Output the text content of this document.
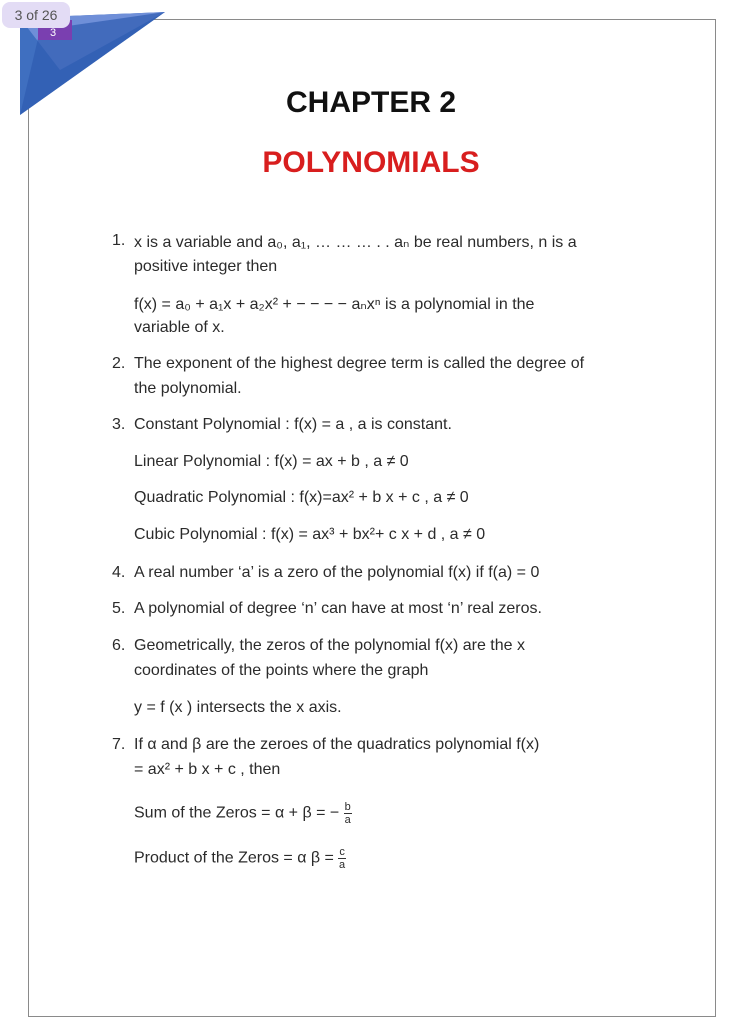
3 of 26
3
CHAPTER 2
POLYNOMIALS
1. x is a variable and a₀, a₁, … … … . . aₙ be real numbers, n is a
positive integer then
f(x) = a₀ + a₁x + a₂x² + − − − − aₙxⁿ is a polynomial in the
variable of x.
2. The exponent of the highest degree term is called the degree of
the polynomial.
3. Constant Polynomial : f(x) = a , a is constant.
Linear Polynomial : f(x) = ax + b , a ≠ 0
Quadratic Polynomial : f(x)=ax² + b x + c , a ≠ 0
Cubic Polynomial : f(x) = ax³ + bx²+ c x + d , a ≠ 0
4. A real number ‘a’ is a zero of the polynomial f(x) if f(a) = 0
5. A polynomial of degree ‘n’ can have at most ‘n’ real zeros.
6. Geometrically, the zeros of the polynomial f(x) are the x
coordinates of the points where the graph
y = f (x ) intersects the x axis.
7. If α and β are the zeroes of the quadratics polynomial f(x)
= ax² + b x + c , then
Sum of the Zeros = α + β = − $\frac{b}{a}$
Product of the Zeros = α $\beta = \frac{c}{a}$
